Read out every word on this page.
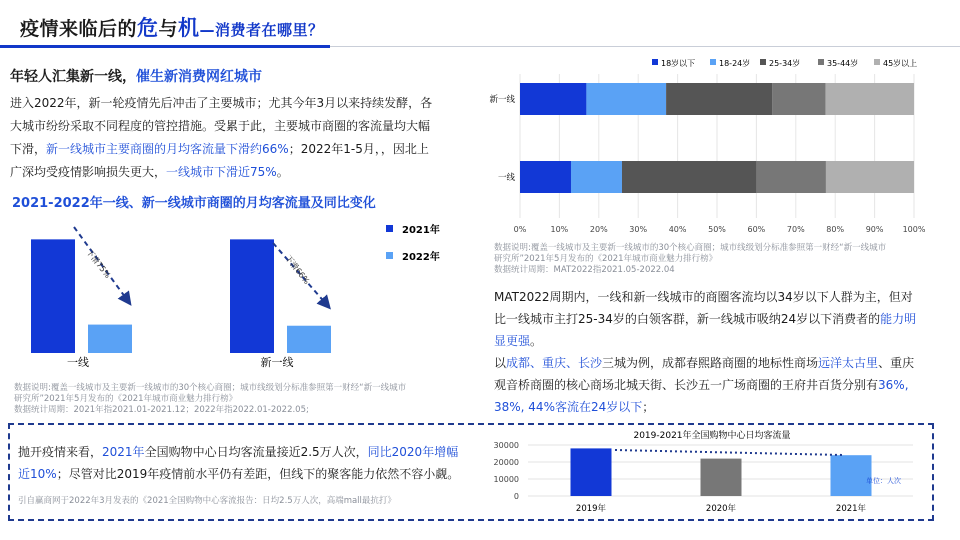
疫情来临后的危与机—消费者在哪里？
年轻人汇集新一线，催生新消费网红城市
进入2022年，新一轮疫情先后冲击了主要城市；尤其今年3月以来持续发酵，各大城市纷纷采取不同程度的管控措施。受累于此，主要城市商圈的客流量均大幅下滑，新一线城市主要商圈的月均客流量下滑约66%；2022年1-5月，，因北上广深均受疫情影响损失更大，一线城市下滑近75%。
2021-2022年一线、新一线城市商圈的月均客流量及同比变化
一线	新一线
下滑75%	下滑66%
2021年
2022年
数据说明:覆盖一线城市及主要新一线城市的30个核心商圈；城市线级划分标准参照第一财经“新一线城市
研究所”2021年5月发布的《2021年城市商业魅力排行榜》
数据统计周期：2021年指2021.01-2021.12；2022年指2022.01-2022.05;
18岁以下	18-24岁 25-34岁	35-44岁	45岁以上
新一线
一线
0%	10%	20%	30%	40%	50%	60%	70%	80%	90% 100%
数据说明:覆盖一线城市及主要新一线城市的30个核心商圈；城市线级划分标准参照第一财经“新一线城市
研究所”2021年5月发布的《2021年城市商业魅力排行榜》
数据统计周期：MAT2022指2021.05-2022.04
MAT2022周期内，一线和新一线城市的商圈客流均以34岁以下人群为主，但对比一线城市主打25-34岁的白领客群，新一线城市吸纳24岁以下消费者的能力明显更强。
以成都、重庆、长沙三城为例，成都春熙路商圈的地标性商场远洋太古里、重庆观音桥商圈的核心商场北城天街、长沙五一广场商圈的王府井百货分别有36%, 38%, 44%客流在24岁以下；
抛开疫情来看，2021年全国购物中心日均客流量接近2.5万人次，同比2020年增幅近10%；尽管对比2019年疫情前水平仍有差距，但线下的聚客能力依然不容小觑。
引自赢商网于2022年3月发表的《2021全国购物中心客流报告：日均2.5万人次，高端mall最抗打》
2019-2021年全国购物中心日均客流量
0
10000
20000
30000
2019年	2020年	2021年
单位：人次
